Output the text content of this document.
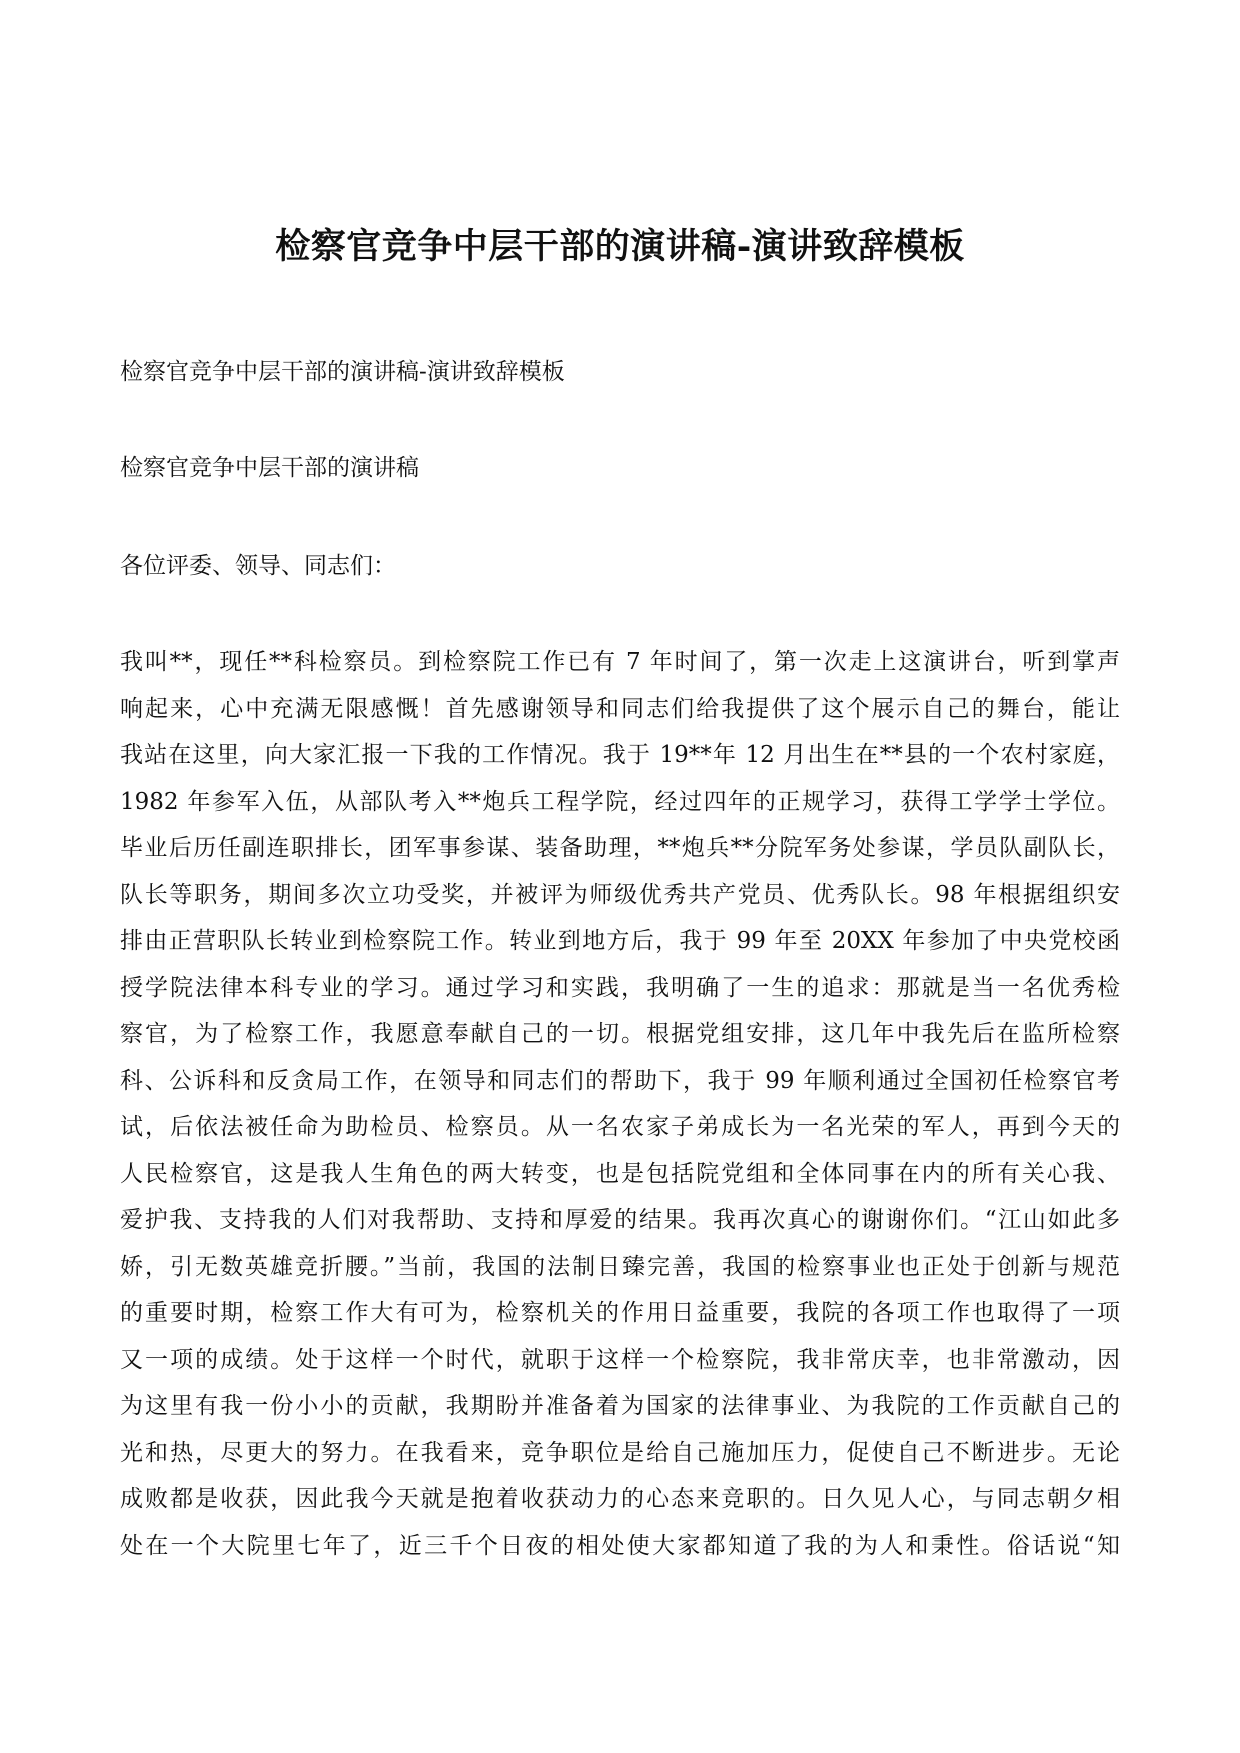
检察官竞争中层干部的演讲稿-演讲致辞模板

检察官竞争中层干部的演讲稿-演讲致辞模板

检察官竞争中层干部的演讲稿

各位评委、领导、同志们：

我叫**，现任**科检察员。到检察院工作已有 7 年时间了，第一次走上这演讲台，听到掌声
响起来，心中充满无限感慨！首先感谢领导和同志们给我提供了这个展示自己的舞台，能让
我站在这里，向大家汇报一下我的工作情况。我于 19**年 12 月出生在**县的一个农村家庭，
1982 年参军入伍，从部队考入**炮兵工程学院，经过四年的正规学习，获得工学学士学位。
毕业后历任副连职排长，团军事参谋、装备助理，**炮兵**分院军务处参谋，学员队副队长，
队长等职务，期间多次立功受奖，并被评为师级优秀共产党员、优秀队长。98 年根据组织安
排由正营职队长转业到检察院工作。转业到地方后，我于 99 年至 20XX 年参加了中央党校函
授学院法律本科专业的学习。通过学习和实践，我明确了一生的追求：那就是当一名优秀检
察官，为了检察工作，我愿意奉献自己的一切。根据党组安排，这几年中我先后在监所检察
科、公诉科和反贪局工作，在领导和同志们的帮助下，我于 99 年顺利通过全国初任检察官考
试，后依法被任命为助检员、检察员。从一名农家子弟成长为一名光荣的军人，再到今天的
人民检察官，这是我人生角色的两大转变，也是包括院党组和全体同事在内的所有关心我、
爱护我、支持我的人们对我帮助、支持和厚爱的结果。我再次真心的谢谢你们。“江山如此多
娇，引无数英雄竞折腰。”当前，我国的法制日臻完善，我国的检察事业也正处于创新与规范
的重要时期，检察工作大有可为，检察机关的作用日益重要，我院的各项工作也取得了一项
又一项的成绩。处于这样一个时代，就职于这样一个检察院，我非常庆幸，也非常激动，因
为这里有我一份小小的贡献，我期盼并准备着为国家的法律事业、为我院的工作贡献自己的
光和热，尽更大的努力。在我看来，竞争职位是给自己施加压力，促使自己不断进步。无论
成败都是收获，因此我今天就是抱着收获动力的心态来竞职的。日久见人心，与同志朝夕相
处在一个大院里七年了，近三千个日夜的相处使大家都知道了我的为人和秉性。俗话说“知
